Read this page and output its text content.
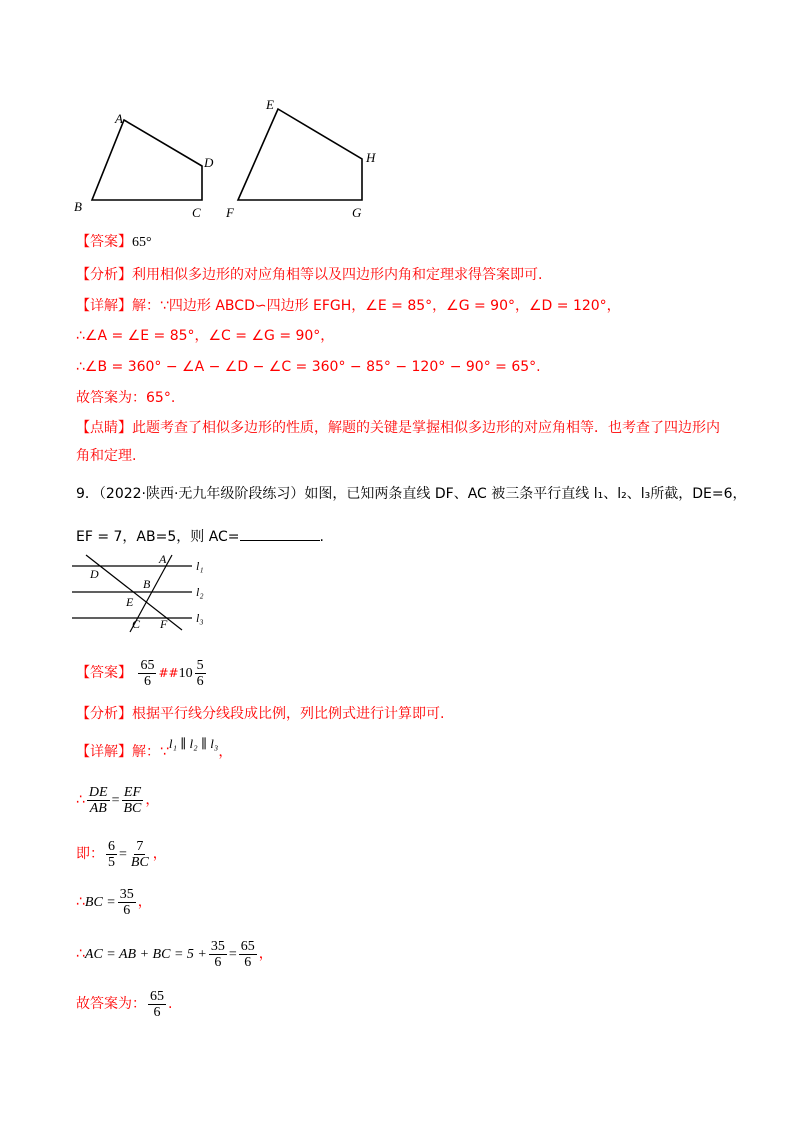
A
D
B	C
E
H
F	G
【答案】65°
【分析】利用相似多边形的对应角相等以及四边形内角和定理求得答案即可.
【详解】解：∵四边形 ABCD∽四边形 EFGH，∠E = 85°，∠G = 90°，∠D = 120°，
∴∠A = ∠E = 85°，∠C = ∠G = 90°，
∴∠B = 360° − ∠A − ∠D − ∠C = 360° − 85° − 120° − 90° = 65°.
故答案为：65°.
【点睛】此题考查了相似多边形的性质，解题的关键是掌握相似多边形的对应角相等．也考查了四边形内
角和定理.
9．（2022·陕西·无九年级阶段练习）如图，已知两条直线 DF、AC 被三条平行直线 l₁、l₂、l₃所截，DE=6，
EF = 7，AB=5，则 AC=	.
A
D
B
E
C F
l₁
l₂
l₃
【答案】 $\frac{65}{6}$ ##10 $\frac{5}{6}$
【分析】根据平行线分线段成比例，列比例式进行计算即可.
【详解】解：∵l₁ ∥ l₂ ∥ l₃，
∴ $\frac{DE}{AB} = \frac{EF}{BC}$ ，
即： $\frac{6}{5} = \frac{7}{BC}$ ，
∴BC = $\frac{35}{6}$ ，
∴AC = AB + BC = $5 + \frac{35}{6} = \frac{65}{6}$ ，
故答案为： $\frac{65}{6}$ .
